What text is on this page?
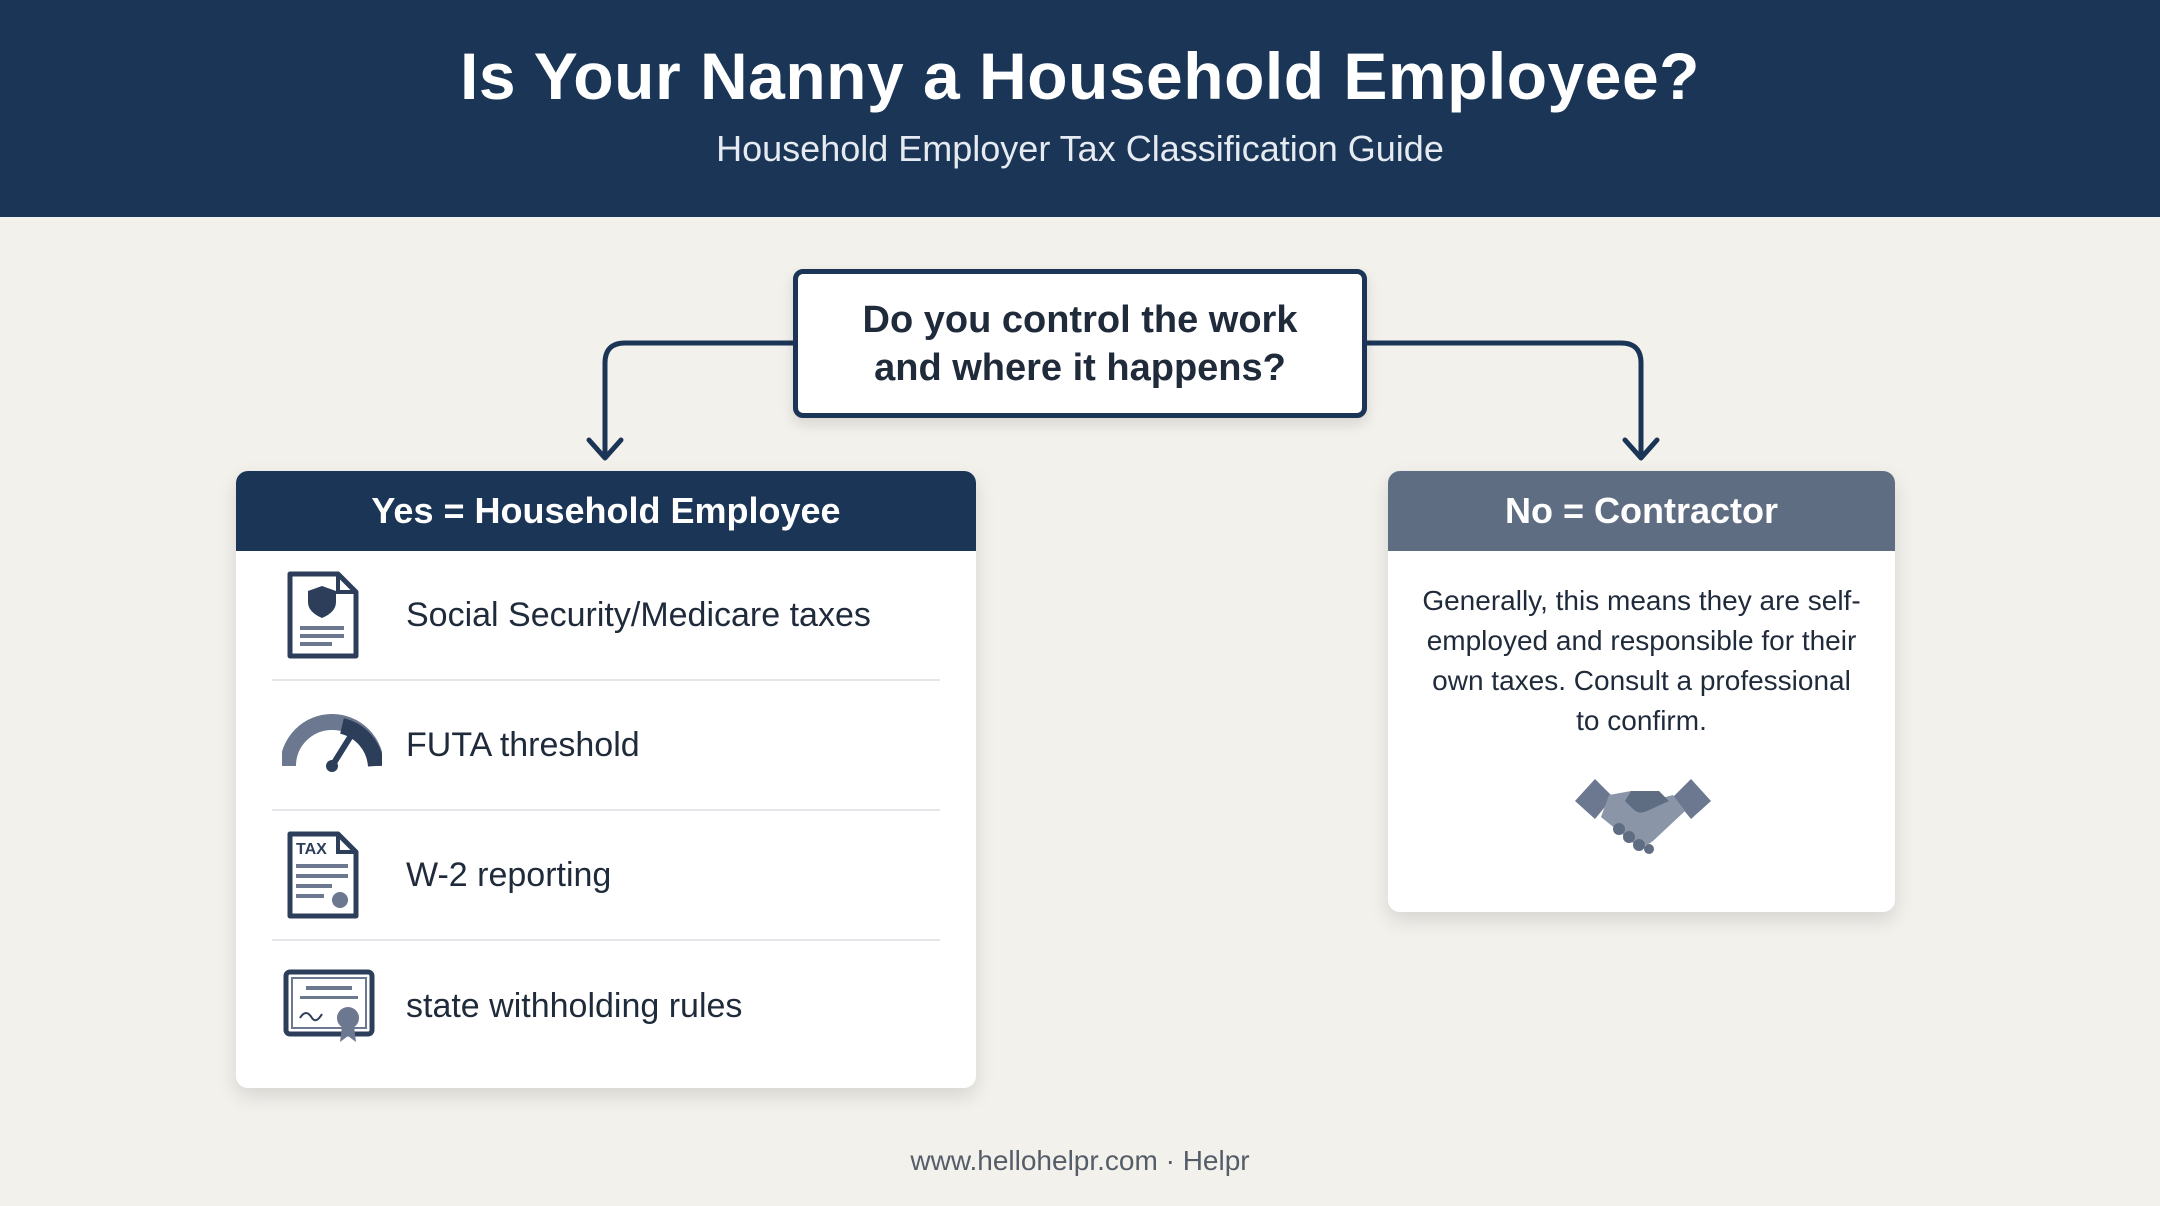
Is Your Nanny a Household Employee?
Household Employer Tax Classification Guide
Do you control the work and where it happens?
Yes = Household Employee
Social Security/Medicare taxes
FUTA threshold
TAX
W-2 reporting
state withholding rules
No = Contractor
Generally, this means they are self-employed and responsible for their own taxes. Consult a professional to confirm.
www.hellohelpr.com · Helpr
